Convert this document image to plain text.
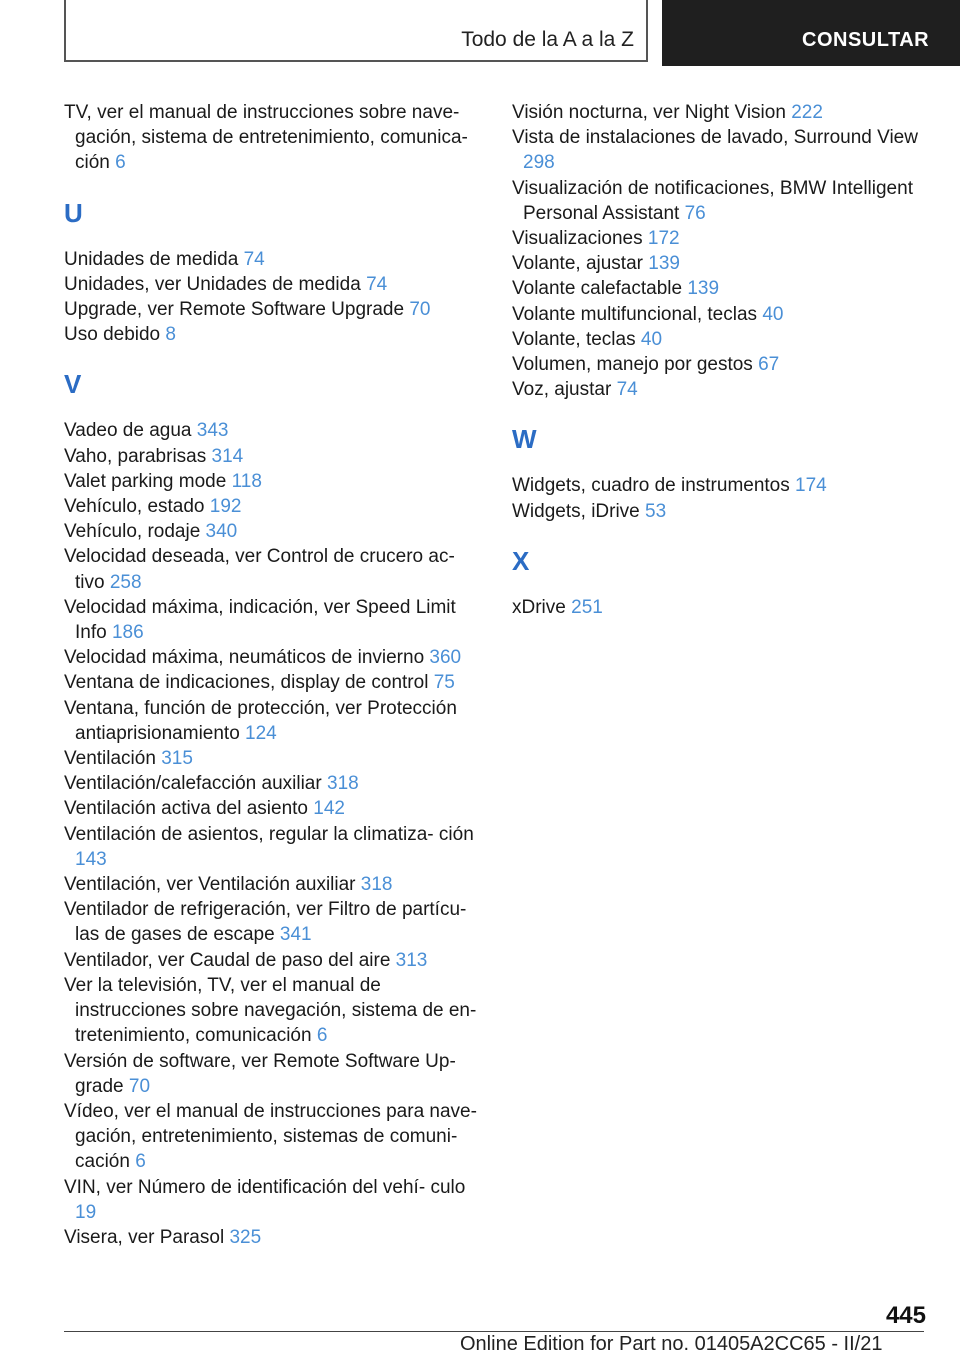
Todo de la A a la Z	CONSULTAR
TV, ver el manual de instrucciones sobre nave- gación, sistema de entretenimiento, comunica- ción 6
U
Unidades de medida 74
Unidades, ver Unidades de medida 74
Upgrade, ver Remote Software Upgrade 70
Uso debido 8
V
Vadeo de agua 343
Vaho, parabrisas 314
Valet parking mode 118
Vehículo, estado 192
Vehículo, rodaje 340
Velocidad deseada, ver Control de crucero ac- tivo 258
Velocidad máxima, indicación, ver Speed Limit Info 186
Velocidad máxima, neumáticos de invierno 360
Ventana de indicaciones, display de control 75
Ventana, función de protección, ver Protección antiaprisionamiento 124
Ventilación 315
Ventilación/calefacción auxiliar 318
Ventilación activa del asiento 142
Ventilación de asientos, regular la climatiza- ción 143
Ventilación, ver Ventilación auxiliar 318
Ventilador de refrigeración, ver Filtro de partícu- las de gases de escape 341
Ventilador, ver Caudal de paso del aire 313
Ver la televisión, TV, ver el manual de instrucciones sobre navegación, sistema de en- tretenimiento, comunicación 6
Versión de software, ver Remote Software Up- grade 70
Vídeo, ver el manual de instrucciones para nave- gación, entretenimiento, sistemas de comuni- cación 6
VIN, ver Número de identificación del vehí- culo 19
Visera, ver Parasol 325
Visión nocturna, ver Night Vision 222
Vista de instalaciones de lavado, Surround View 298
Visualización de notificaciones, BMW Intelligent Personal Assistant 76
Visualizaciones 172
Volante, ajustar 139
Volante calefactable 139
Volante multifuncional, teclas 40
Volante, teclas 40
Volumen, manejo por gestos 67
Voz, ajustar 74
W
Widgets, cuadro de instrumentos 174
Widgets, iDrive 53
X
xDrive 251
445
Online Edition for Part no. 01405A2CC65 - II/21
